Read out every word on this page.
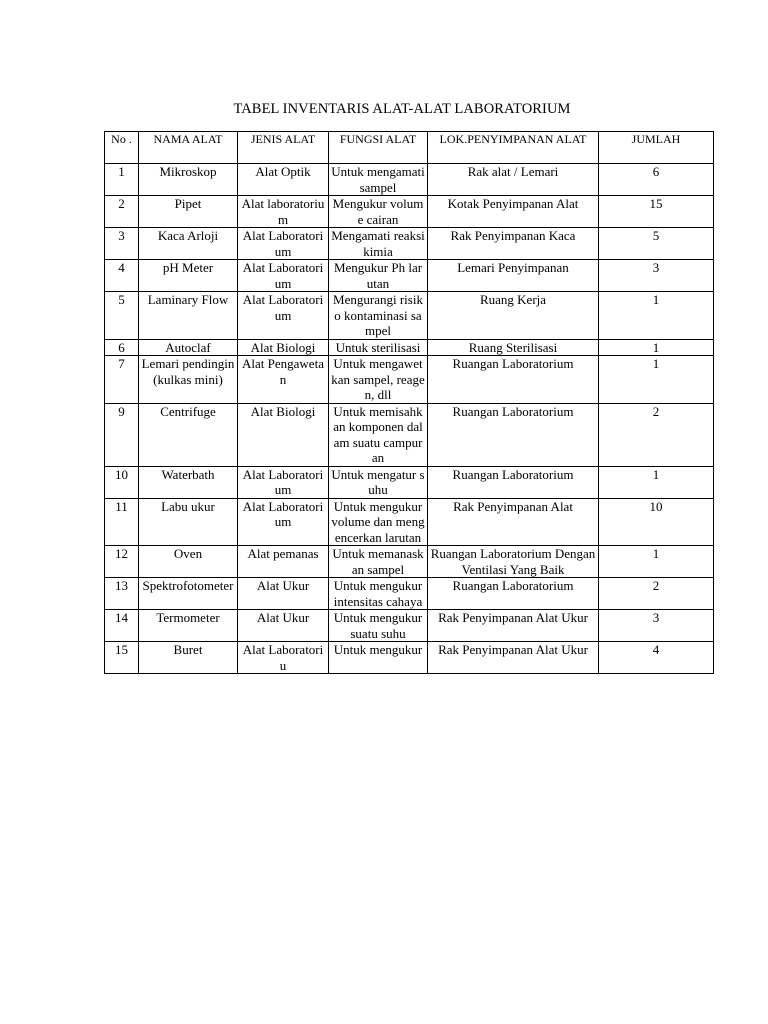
TABEL INVENTARIS ALAT-ALAT LABORATORIUM
No .	NAMA ALAT	JENIS ALAT	FUNGSI ALAT	LOK.PENYIMPANAN ALAT	JUMLAH
1	Mikroskop	Alat Optik	Untuk mengamati sampel	Rak alat / Lemari	6
2	Pipet	Alat laboratorium	Mengukur volume cairan	Kotak Penyimpanan Alat	15
3	Kaca Arloji	Alat Laboratorium	Mengamati reaksi kimia	Rak Penyimpanan Kaca	5
4	pH Meter	Alat Laboratorium	Mengukur Ph larutan	Lemari Penyimpanan	3
5	Laminary Flow	Alat Laboratorium	Mengurangi risiko kontaminasi sampel	Ruang Kerja	1
6	Autoclaf	Alat Biologi	Untuk sterilisasi	Ruang Sterilisasi	1
7	Lemari pendingin(kulkas mini)	Alat Pengawetan	Untuk mengawetkan sampel, reagen, dll	Ruangan Laboratorium	1
9	Centrifuge	Alat Biologi	Untuk memisahkan komponen dalam suatu campuran	Ruangan Laboratorium	2
10	Waterbath	Alat Laboratorium	Untuk mengatur suhu	Ruangan Laboratorium	1
11	Labu ukur	Alat Laboratorium	Untuk mengukur volume dan mengencerkan larutan	Rak Penyimpanan Alat	10
12	Oven	Alat pemanas	Untuk memanaskan sampel	Ruangan Laboratorium Dengan Ventilasi Yang Baik	1
13	Spektrofotometer	Alat Ukur	Untuk mengukur intensitas cahaya	Ruangan Laboratorium	2
14	Termometer	Alat Ukur	Untuk mengukur suatu suhu	Rak Penyimpanan Alat Ukur	3
15	Buret	Alat Laboratoriu	Untuk mengukur	Rak Penyimpanan Alat Ukur	4
